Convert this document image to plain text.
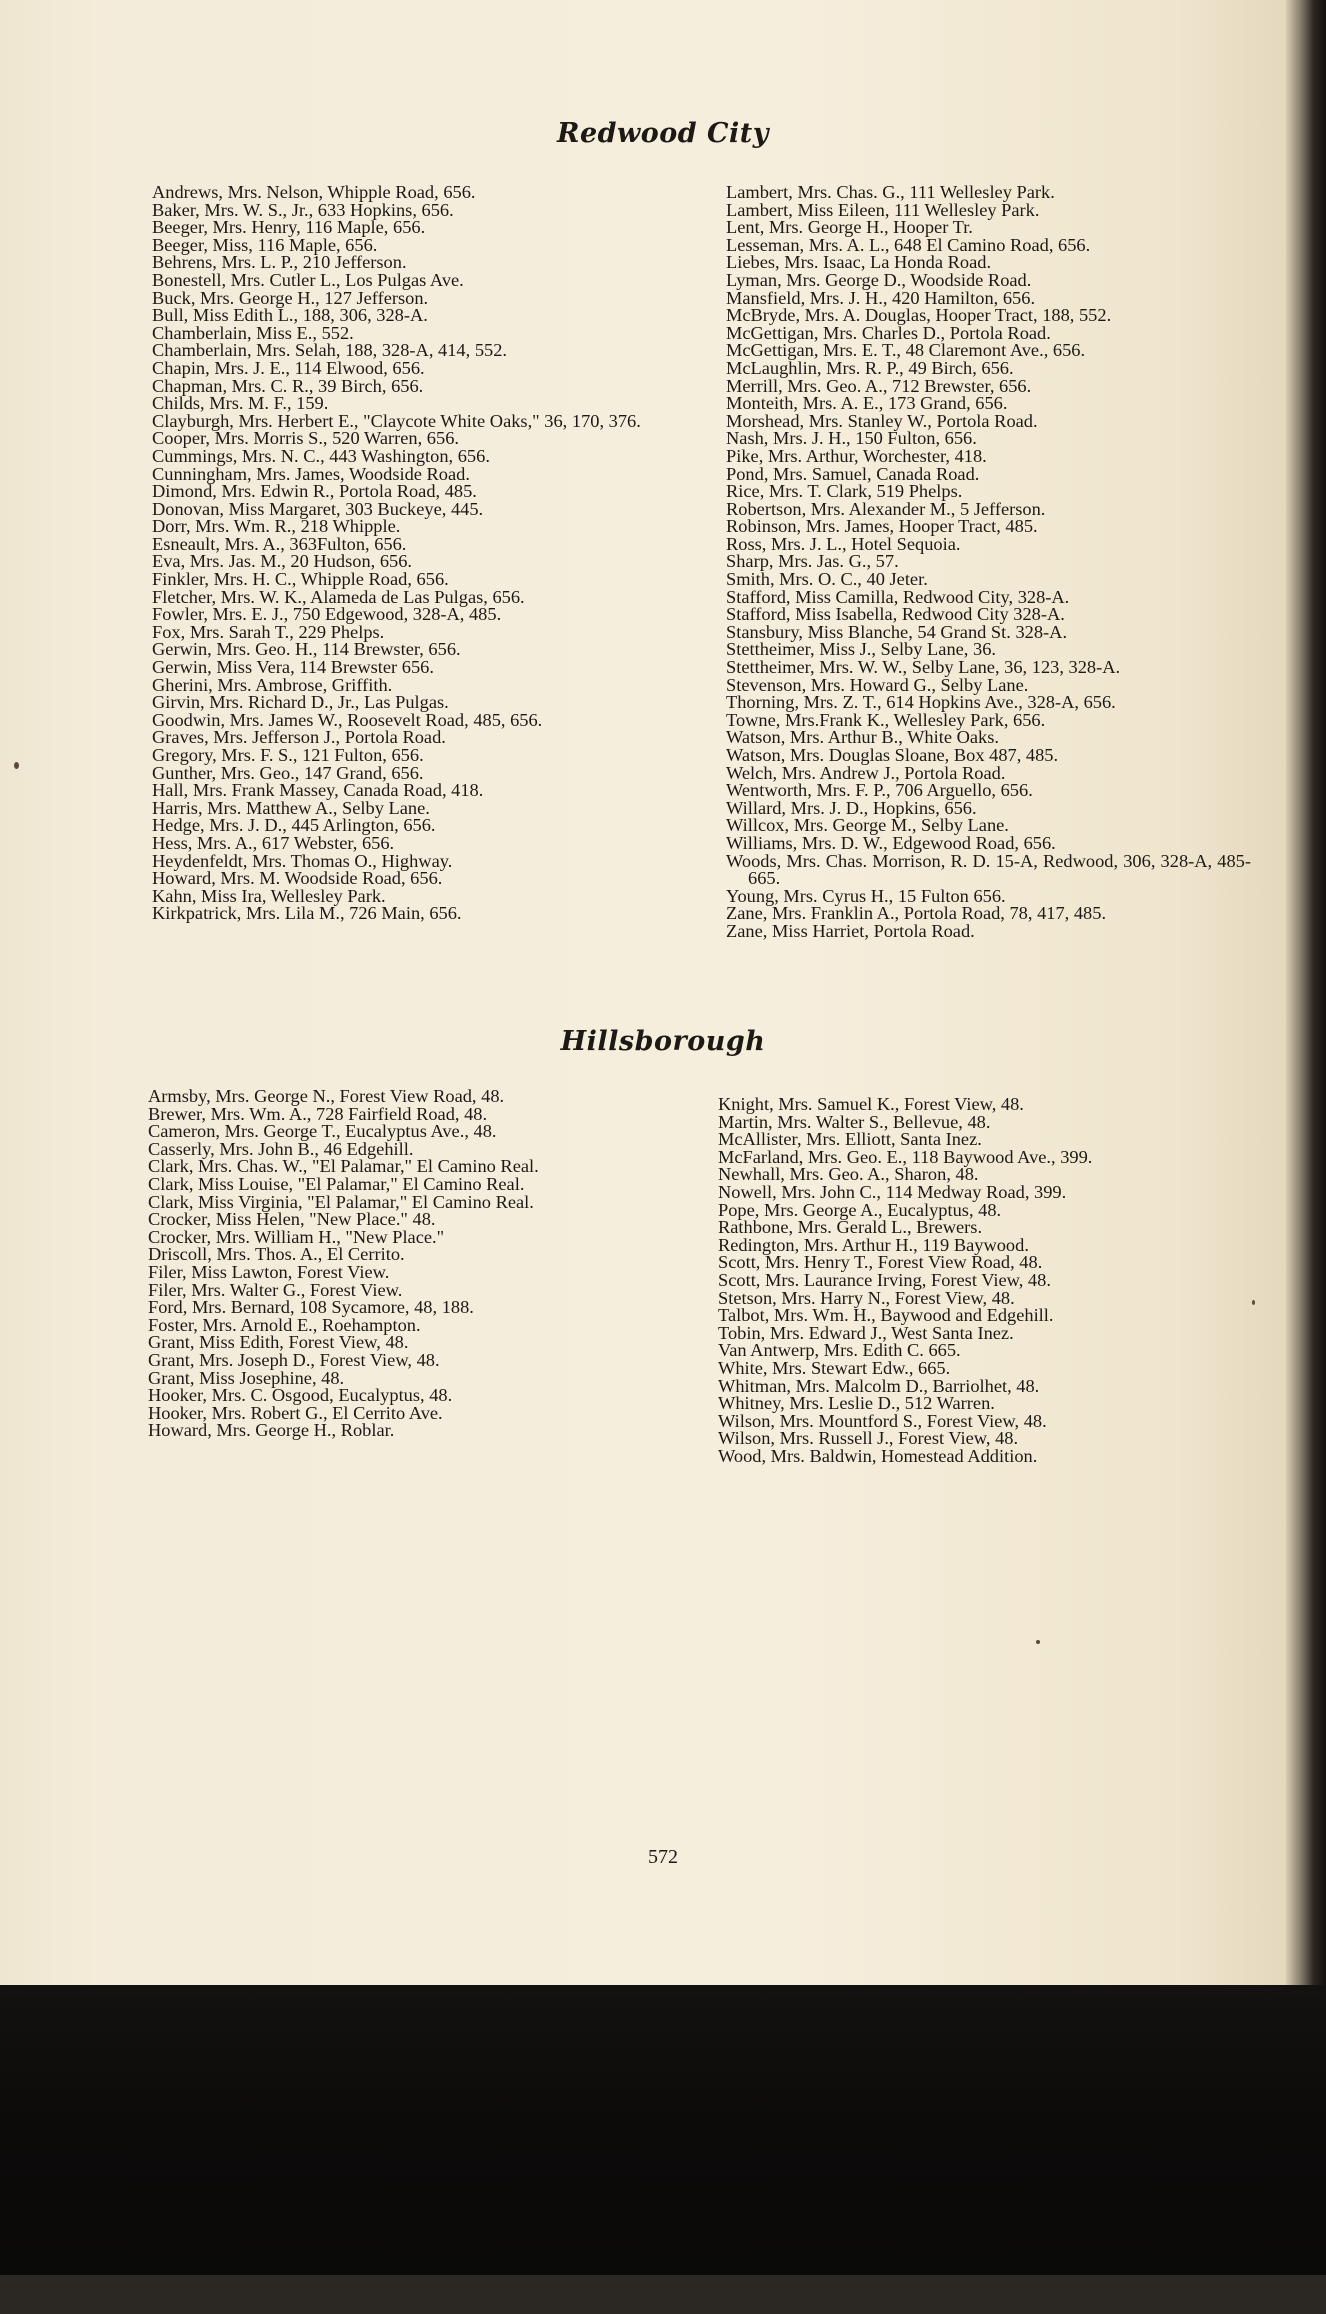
Redwood City
Andrews, Mrs. Nelson, Whipple Road, 656.
Baker, Mrs. W. S., Jr., 633 Hopkins, 656.
Beeger, Mrs. Henry, 116 Maple, 656.
Beeger, Miss, 116 Maple, 656.
Behrens, Mrs. L. P., 210 Jefferson.
Bonestell, Mrs. Cutler L., Los Pulgas Ave.
Buck, Mrs. George H., 127 Jefferson.
Bull, Miss Edith L., 188, 306, 328-A.
Chamberlain, Miss E., 552.
Chamberlain, Mrs. Selah, 188, 328-A, 414, 552.
Chapin, Mrs. J. E., 114 Elwood, 656.
Chapman, Mrs. C. R., 39 Birch, 656.
Childs, Mrs. M. F., 159.
Clayburgh, Mrs. Herbert E., "Claycote White Oaks," 36, 170, 376.
Cooper, Mrs. Morris S., 520 Warren, 656.
Cummings, Mrs. N. C., 443 Washington, 656.
Cunningham, Mrs. James, Woodside Road.
Dimond, Mrs. Edwin R., Portola Road, 485.
Donovan, Miss Margaret, 303 Buckeye, 445.
Dorr, Mrs. Wm. R., 218 Whipple.
Esneault, Mrs. A., 363Fulton, 656.
Eva, Mrs. Jas. M., 20 Hudson, 656.
Finkler, Mrs. H. C., Whipple Road, 656.
Fletcher, Mrs. W. K., Alameda de Las Pulgas, 656.
Fowler, Mrs. E. J., 750 Edgewood, 328-A, 485.
Fox, Mrs. Sarah T., 229 Phelps.
Gerwin, Mrs. Geo. H., 114 Brewster, 656.
Gerwin, Miss Vera, 114 Brewster 656.
Gherini, Mrs. Ambrose, Griffith.
Girvin, Mrs. Richard D., Jr., Las Pulgas.
Goodwin, Mrs. James W., Roosevelt Road, 485, 656.
Graves, Mrs. Jefferson J., Portola Road.
Gregory, Mrs. F. S., 121 Fulton, 656.
Gunther, Mrs. Geo., 147 Grand, 656.
Hall, Mrs. Frank Massey, Canada Road, 418.
Harris, Mrs. Matthew A., Selby Lane.
Hedge, Mrs. J. D., 445 Arlington, 656.
Hess, Mrs. A., 617 Webster, 656.
Heydenfeldt, Mrs. Thomas O., Highway.
Howard, Mrs. M. Woodside Road, 656.
Kahn, Miss Ira, Wellesley Park.
Kirkpatrick, Mrs. Lila M., 726 Main, 656.
Lambert, Mrs. Chas. G., 111 Wellesley Park.
Lambert, Miss Eileen, 111 Wellesley Park.
Lent, Mrs. George H., Hooper Tr.
Lesseman, Mrs. A. L., 648 El Camino Road, 656.
Liebes, Mrs. Isaac, La Honda Road.
Lyman, Mrs. George D., Woodside Road.
Mansfield, Mrs. J. H., 420 Hamilton, 656.
McBryde, Mrs. A. Douglas, Hooper Tract, 188, 552.
McGettigan, Mrs. Charles D., Portola Road.
McGettigan, Mrs. E. T., 48 Claremont Ave., 656.
McLaughlin, Mrs. R. P., 49 Birch, 656.
Merrill, Mrs. Geo. A., 712 Brewster, 656.
Monteith, Mrs. A. E., 173 Grand, 656.
Morshead, Mrs. Stanley W., Portola Road.
Nash, Mrs. J. H., 150 Fulton, 656.
Pike, Mrs. Arthur, Worchester, 418.
Pond, Mrs. Samuel, Canada Road.
Rice, Mrs. T. Clark, 519 Phelps.
Robertson, Mrs. Alexander M., 5 Jefferson.
Robinson, Mrs. James, Hooper Tract, 485.
Ross, Mrs. J. L., Hotel Sequoia.
Sharp, Mrs. Jas. G., 57.
Smith, Mrs. O. C., 40 Jeter.
Stafford, Miss Camilla, Redwood City, 328-A.
Stafford, Miss Isabella, Redwood City 328-A.
Stansbury, Miss Blanche, 54 Grand St. 328-A.
Stettheimer, Miss J., Selby Lane, 36.
Stettheimer, Mrs. W. W., Selby Lane, 36, 123, 328-A.
Stevenson, Mrs. Howard G., Selby Lane.
Thorning, Mrs. Z. T., 614 Hopkins Ave., 328-A, 656.
Towne, Mrs.Frank K., Wellesley Park, 656.
Watson, Mrs. Arthur B., White Oaks.
Watson, Mrs. Douglas Sloane, Box 487, 485.
Welch, Mrs. Andrew J., Portola Road.
Wentworth, Mrs. F. P., 706 Arguello, 656.
Willard, Mrs. J. D., Hopkins, 656.
Willcox, Mrs. George M., Selby Lane.
Williams, Mrs. D. W., Edgewood Road, 656.
Woods, Mrs. Chas. Morrison, R. D. 15-A, Redwood, 306, 328-A, 485-665.
Young, Mrs. Cyrus H., 15 Fulton 656.
Zane, Mrs. Franklin A., Portola Road, 78, 417, 485.
Zane, Miss Harriet, Portola Road.
Hillsborough
Armsby, Mrs. George N., Forest View Road, 48.
Brewer, Mrs. Wm. A., 728 Fairfield Road, 48.
Cameron, Mrs. George T., Eucalyptus Ave., 48.
Casserly, Mrs. John B., 46 Edgehill.
Clark, Mrs. Chas. W., "El Palamar," El Camino Real.
Clark, Miss Louise, "El Palamar," El Camino Real.
Clark, Miss Virginia, "El Palamar," El Camino Real.
Crocker, Miss Helen, "New Place." 48.
Crocker, Mrs. William H., "New Place."
Driscoll, Mrs. Thos. A., El Cerrito.
Filer, Miss Lawton, Forest View.
Filer, Mrs. Walter G., Forest View.
Ford, Mrs. Bernard, 108 Sycamore, 48, 188.
Foster, Mrs. Arnold E., Roehampton.
Grant, Miss Edith, Forest View, 48.
Grant, Mrs. Joseph D., Forest View, 48.
Grant, Miss Josephine, 48.
Hooker, Mrs. C. Osgood, Eucalyptus, 48.
Hooker, Mrs. Robert G., El Cerrito Ave.
Howard, Mrs. George H., Roblar.
Knight, Mrs. Samuel K., Forest View, 48.
Martin, Mrs. Walter S., Bellevue, 48.
McAllister, Mrs. Elliott, Santa Inez.
McFarland, Mrs. Geo. E., 118 Baywood Ave., 399.
Newhall, Mrs. Geo. A., Sharon, 48.
Nowell, Mrs. John C., 114 Medway Road, 399.
Pope, Mrs. George A., Eucalyptus, 48.
Rathbone, Mrs. Gerald L., Brewers.
Redington, Mrs. Arthur H., 119 Baywood.
Scott, Mrs. Henry T., Forest View Road, 48.
Scott, Mrs. Laurance Irving, Forest View, 48.
Stetson, Mrs. Harry N., Forest View, 48.
Talbot, Mrs. Wm. H., Baywood and Edgehill.
Tobin, Mrs. Edward J., West Santa Inez.
Van Antwerp, Mrs. Edith C. 665.
White, Mrs. Stewart Edw., 665.
Whitman, Mrs. Malcolm D., Barriolhet, 48.
Whitney, Mrs. Leslie D., 512 Warren.
Wilson, Mrs. Mountford S., Forest View, 48.
Wilson, Mrs. Russell J., Forest View, 48.
Wood, Mrs. Baldwin, Homestead Addition.
572
